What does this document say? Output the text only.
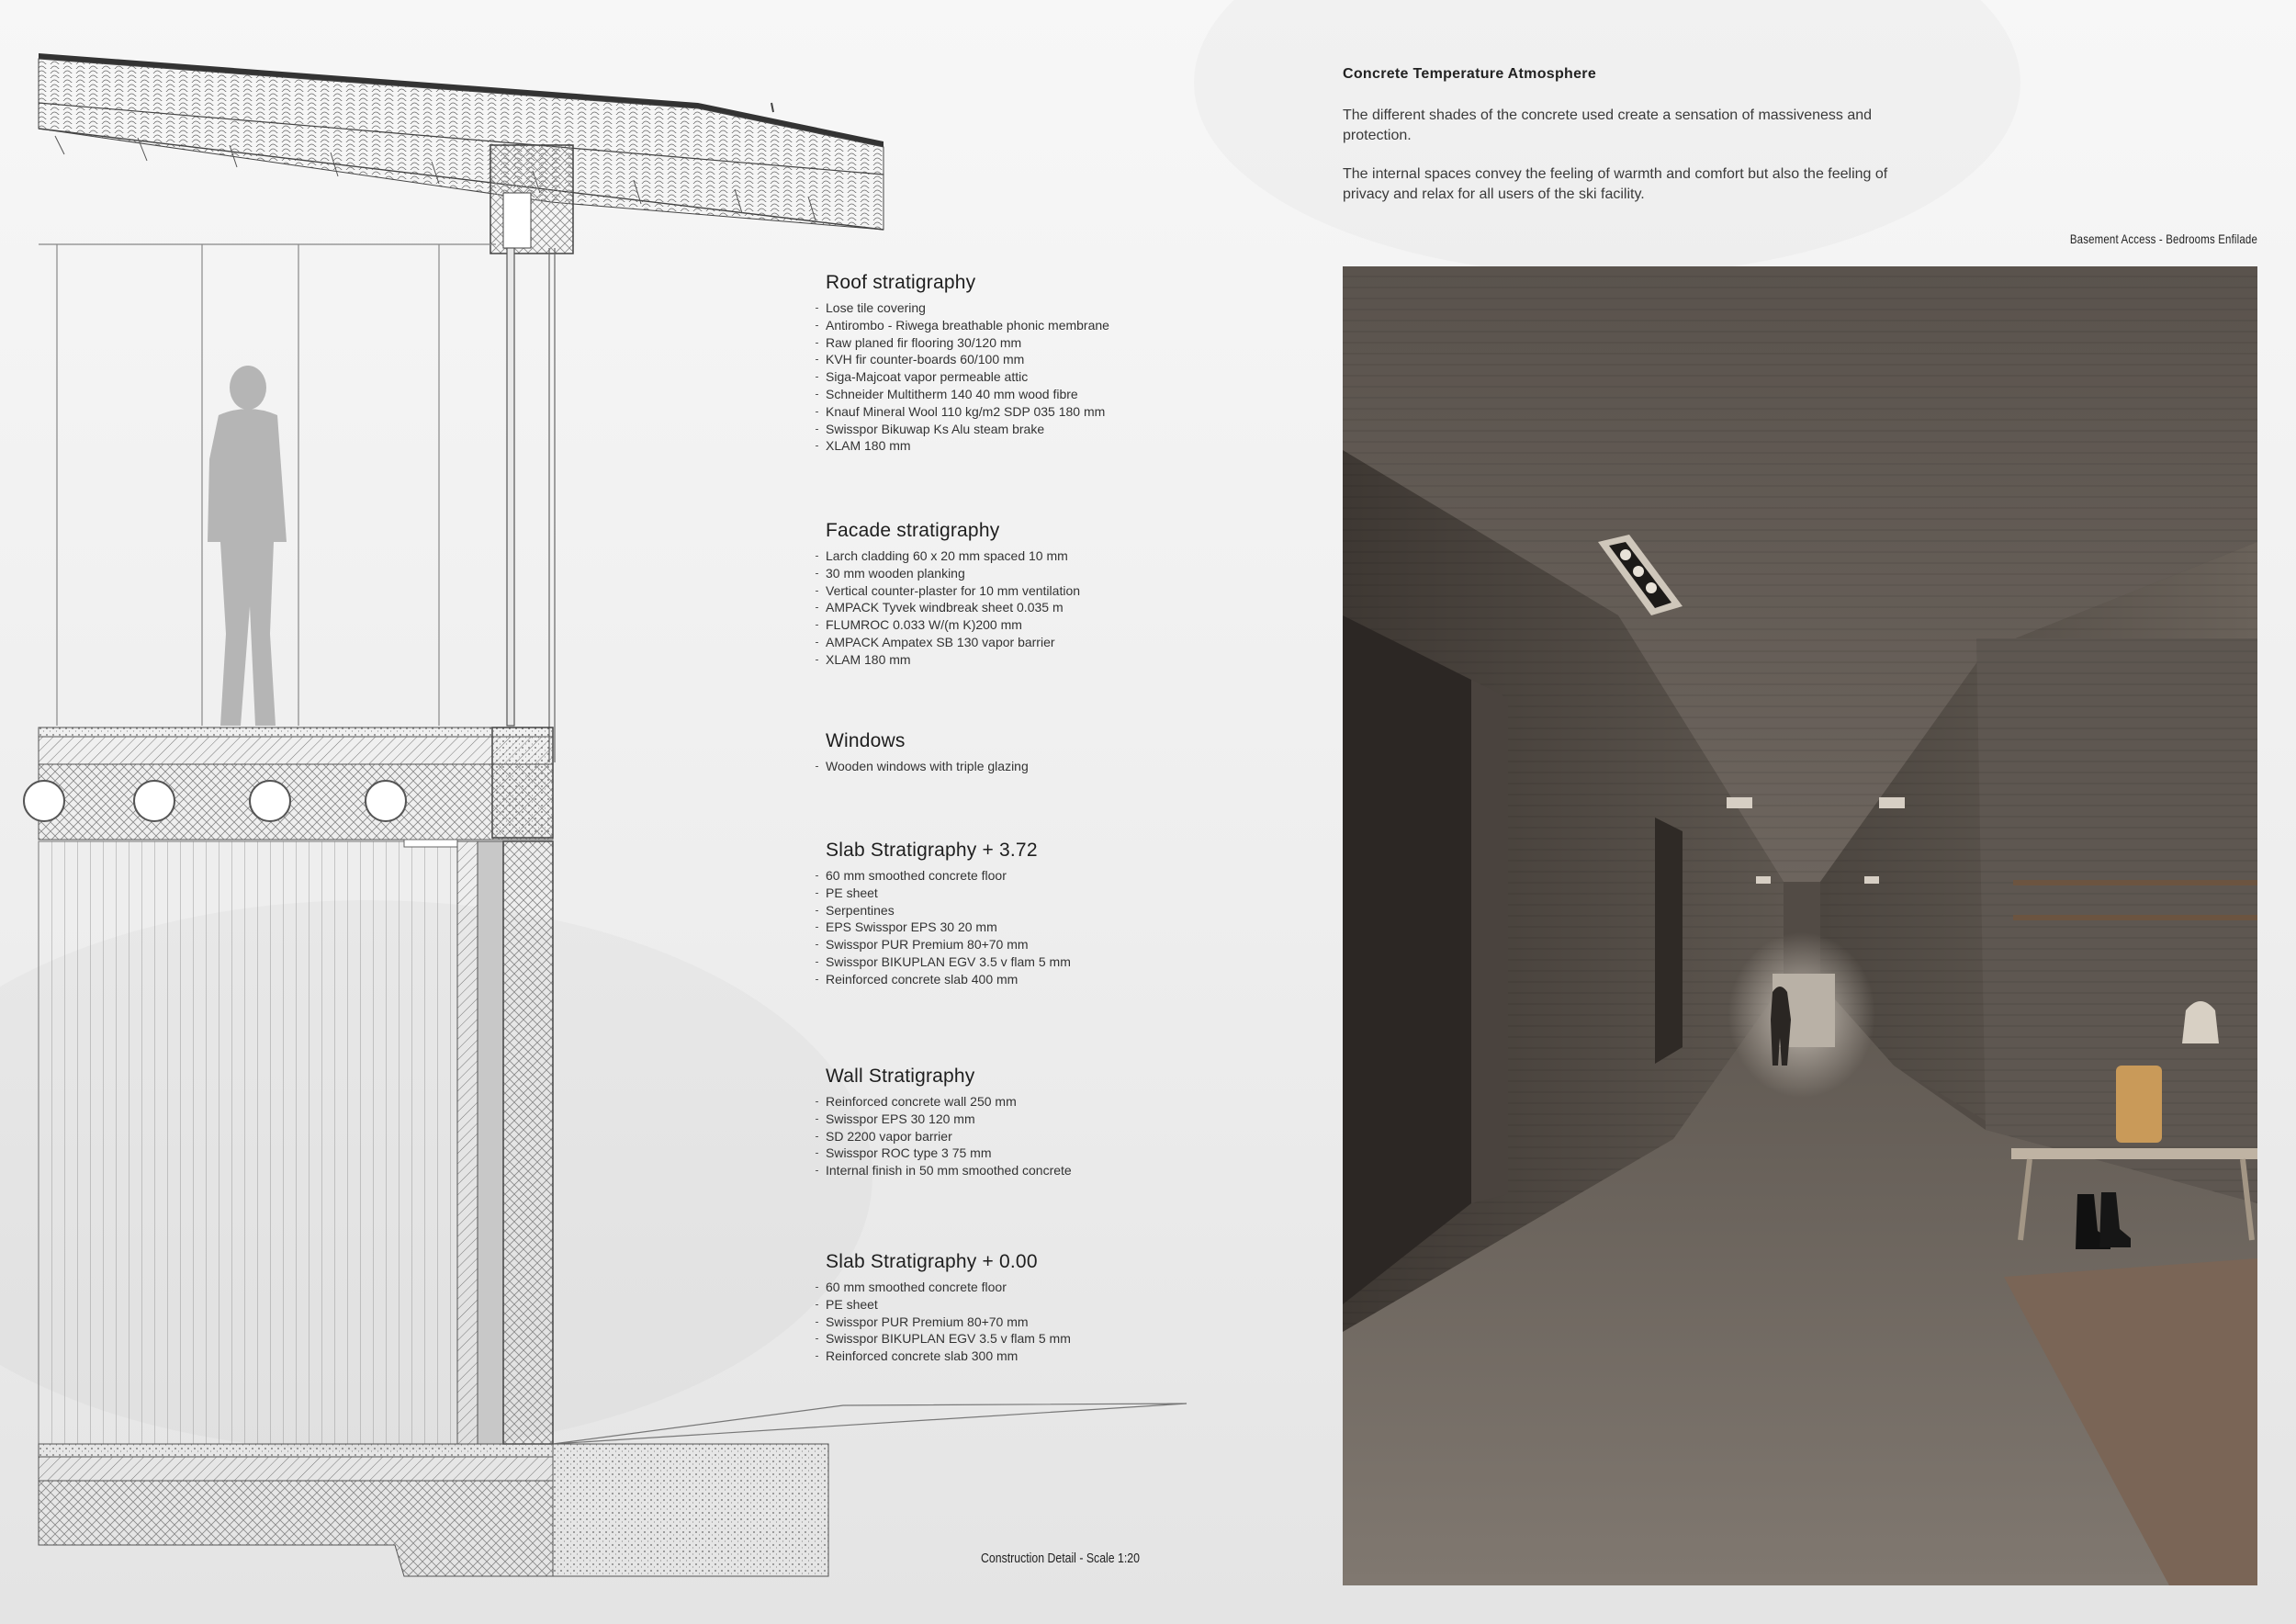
Roof stratigraphy
Lose tile covering
Antirombo - Riwega breathable phonic membrane
Raw planed fir flooring 30/120 mm
KVH fir counter-boards 60/100 mm
Siga-Majcoat vapor permeable attic
Schneider Multitherm 140 40 mm wood fibre
Knauf Mineral Wool 110 kg/m2 SDP 035 180 mm
Swisspor Bikuwap Ks Alu steam brake
XLAM 180 mm
Facade stratigraphy
Larch cladding 60 x 20 mm spaced 10 mm
30 mm wooden planking
Vertical counter-plaster for 10 mm ventilation
AMPACK Tyvek windbreak sheet 0.035 m
FLUMROC 0.033 W/(m K)200 mm
AMPACK Ampatex SB 130 vapor barrier
XLAM 180 mm
Windows
Wooden windows with triple glazing
Slab Stratigraphy + 3.72
60 mm smoothed concrete floor
PE sheet
Serpentines
EPS Swisspor EPS 30 20 mm
Swisspor PUR Premium 80+70 mm
Swisspor BIKUPLAN EGV 3.5 v flam 5 mm
Reinforced concrete slab 400 mm
Wall Stratigraphy
Reinforced concrete wall 250 mm
Swisspor EPS 30 120 mm
SD 2200 vapor barrier
Swisspor ROC type 3 75 mm
Internal finish in 50 mm smoothed concrete
Slab Stratigraphy + 0.00
60 mm smoothed concrete floor
PE sheet
Swisspor PUR Premium 80+70 mm
Swisspor BIKUPLAN EGV 3.5 v flam 5 mm
Reinforced concrete slab 300 mm
Construction Detail - Scale 1:20
Concrete Temperature Atmosphere

The different shades of the concrete used create a sensation of massiveness and protection.

The internal spaces convey the feeling of warmth and comfort but also the feeling of privacy and relax for all users of the ski facility.

Basement Access - Bedrooms Enfilade
